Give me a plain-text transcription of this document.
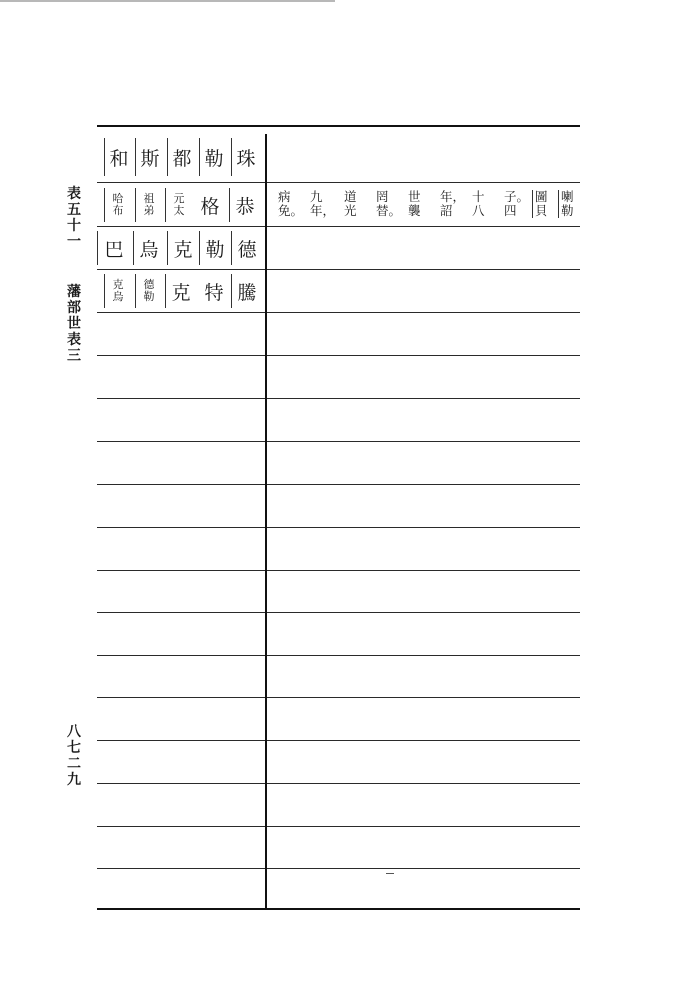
表
五
十
一
藩
部
世
表
三
八
七
二
九
和 斯 都 勒 珠
哈
布
祖
弟
元
太 格 恭
巴 烏 克 勒 德
克
烏
德
勒 克 特 騰
病
免。
九
年，
道
光
罔
替。
世
襲
年，
詔
十
八
子。
四
圖
貝
喇
勒
